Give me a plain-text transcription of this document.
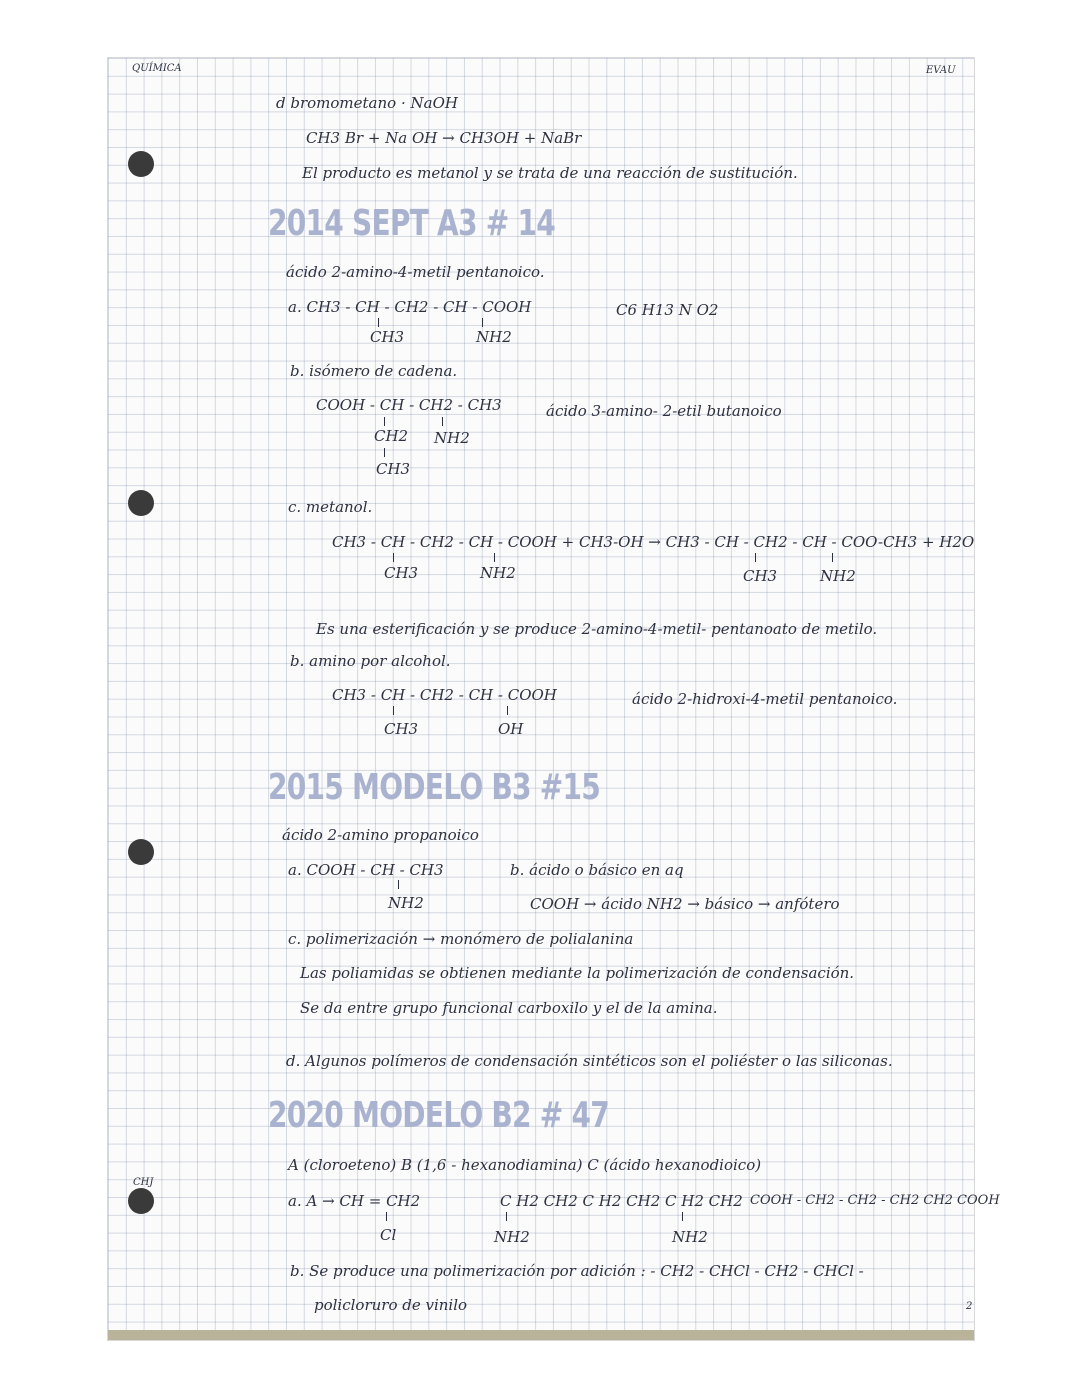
QUÍMICA	EVAU
CHJ
2
d bromometano · NaOH
CH3 Br + Na OH → CH3OH + NaBr
El producto es metanol y se trata de una reacción de sustitución.
2014 SEPT A3 # 14
ácido 2-amino-4-metil pentanoico.
a. CH3 - CH - CH2 - CH - COOH	C6 H13 N O2
CH3	NH2
b. isómero de cadena.
COOH - CH - CH2 - CH3	ácido 3-amino- 2-etil butanoico
CH2 NH2
CH3
c. metanol.
CH3 - CH - CH2 - CH - COOH + CH3-OH → CH3 - CH - CH2 - CH - COO-CH3 + H2O
CH3	NH2	CH3	NH2
Es una esterificación y se produce 2-amino-4-metil- pentanoato de metilo.
b. amino por alcohol.
CH3 - CH - CH2 - CH - COOH	ácido 2-hidroxi-4-metil pentanoico.
CH3	OH
2015 MODELO B3 #15
ácido 2-amino propanoico
a. COOH - CH - CH3	b. ácido o básico en aq
NH2	COOH → ácido NH2 → básico → anfótero
c. polimerización → monómero de polialanina
Las poliamidas se obtienen mediante la polimerización de condensación.
Se da entre grupo funcional carboxilo y el de la amina.
d. Algunos polímeros de condensación sintéticos son el poliéster o las siliconas.
2020 MODELO B2 # 47
A (cloroeteno) B (1,6 - hexanodiamina) C (ácido hexanodioico)
a. A → CH = CH2	C H2 CH2 C H2 CH2 C H2 CH2 COOH - CH2 - CH2 - CH2 CH2 COOH
Cl	NH2	NH2
b. Se produce una polimerización por adición : - CH2 - CHCl - CH2 - CHCl -
policloruro de vinilo
